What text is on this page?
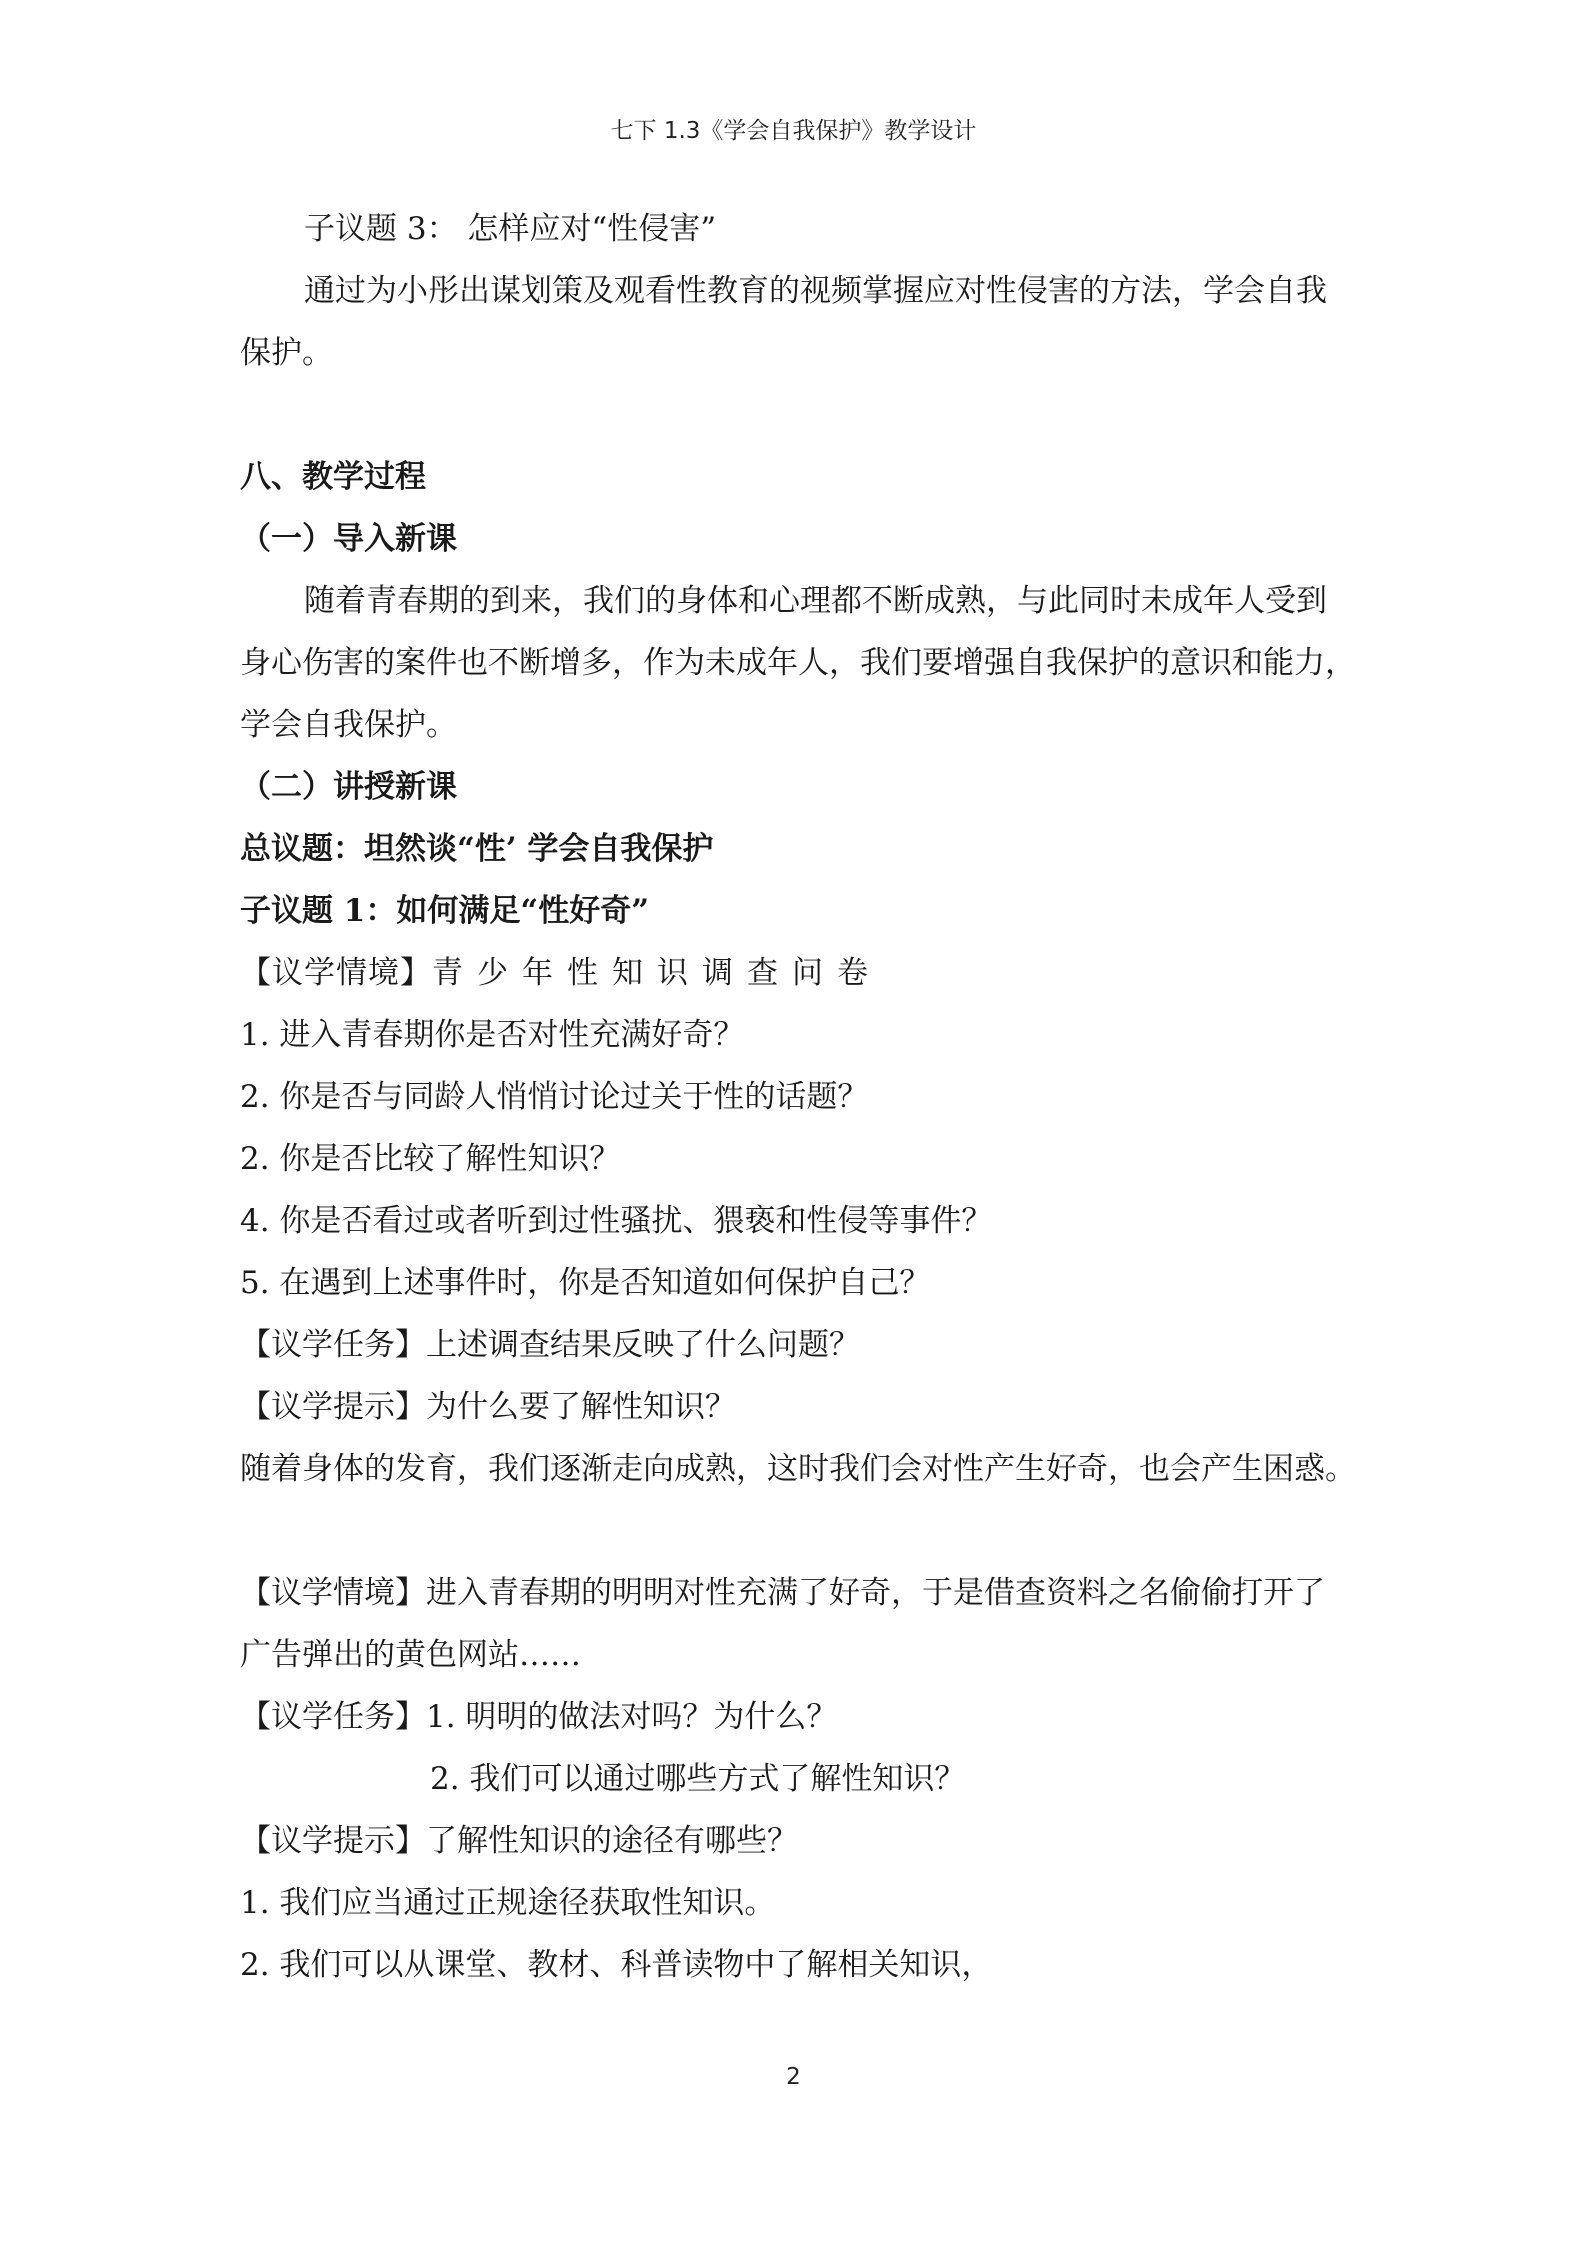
七下 1.3《学会自我保护》教学设计
子议题 3： 怎样应对“性侵害”
通过为小彤出谋划策及观看性教育的视频掌握应对性侵害的方法，学会自我
保护。
八、教学过程
（一）导入新课
随着青春期的到来，我们的身体和心理都不断成熟，与此同时未成年人受到
身心伤害的案件也不断增多，作为未成年人，我们要增强自我保护的意识和能力，
学会自我保护。
（二）讲授新课
总议题：坦然谈“性’ 学会自我保护
子议题 1：如何满足“性好奇”
【议学情境】青少年性知识调查问卷
1. 进入青春期你是否对性充满好奇？
2. 你是否与同龄人悄悄讨论过关于性的话题？
2. 你是否比较了解性知识？
4. 你是否看过或者听到过性骚扰、猥亵和性侵等事件？
5. 在遇到上述事件时，你是否知道如何保护自己？
【议学任务】上述调查结果反映了什么问题？
【议学提示】为什么要了解性知识？
随着身体的发育，我们逐渐走向成熟，这时我们会对性产生好奇，也会产生困惑。
【议学情境】进入青春期的明明对性充满了好奇，于是借查资料之名偷偷打开了
广告弹出的黄色网站……
【议学任务】1. 明明的做法对吗？为什么？
2. 我们可以通过哪些方式了解性知识？
【议学提示】了解性知识的途径有哪些？
1. 我们应当通过正规途径获取性知识。
2. 我们可以从课堂、教材、科普读物中了解相关知识，
2
